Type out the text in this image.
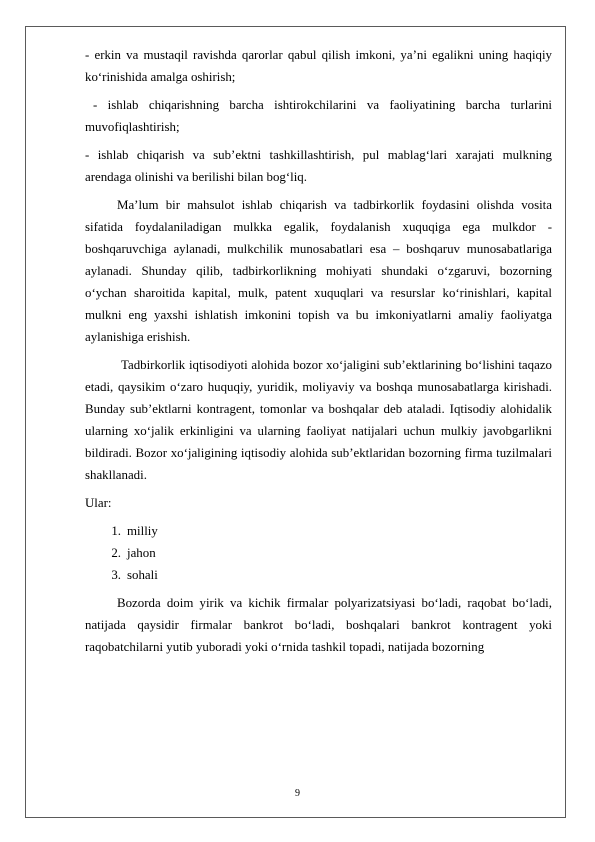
- erkin va mustaqil ravishda qarorlar qabul qilish imkoni, ya’ni egalikni uning haqiqiy ko‘rinishida amalga oshirish;

- ishlab chiqarishning barcha ishtirokchilarini va faoliyatining barcha turlarini muvofiqlashtirish;

- ishlab chiqarish va sub’ektni tashkillashtirish, pul mablag‘lari xarajati mulkning arendaga olinishi va berilishi bilan bog‘liq.

Ma’lum bir mahsulot ishlab chiqarish va tadbirkorlik foydasini olishda vosita sifatida foydalaniladigan mulkka egalik, foydalanish xuquqiga ega mulkdor - boshqaruvchiga aylanadi, mulkchilik munosabatlari esa – boshqaruv munosabatlariga aylanadi. Shunday qilib, tadbirkorlikning mohiyati shundaki o‘zgaruvi, bozorning o‘ychan sharoitida kapital, mulk, patent xuquqlari va resurslar ko‘rinishlari, kapital mulkni eng yaxshi ishlatish imkonini topish va bu imkoniyatlarni amaliy faoliyatga aylanishiga erishish.

Tadbirkorlik iqtisodiyoti alohida bozor xo‘jaligini sub’ektlarining bo‘lishini taqazo etadi, qaysikim o‘zaro huquqiy, yuridik, moliyaviy va boshqa munosabatlarga kirishadi. Bunday sub’ektlarni kontragent, tomonlar va boshqalar deb ataladi. Iqtisodiy alohidalik ularning xo‘jalik erkinligini va ularning faoliyat natijalari uchun mulkiy javobgarlikni bildiradi. Bozor xo‘jaligining iqtisodiy alohida sub’ektlaridan bozorning firma tuzilmalari shakllanadi.

Ular:

1. milliy
2. jahon
3. sohali

Bozorda doim yirik va kichik firmalar polyarizatsiyasi bo‘ladi, raqobat bo‘ladi, natijada qaysidir firmalar bankrot bo‘ladi, boshqalari bankrot kontragent yoki raqobatchilarni yutib yuboradi yoki o‘rnida tashkil topadi, natijada bozorning

9
